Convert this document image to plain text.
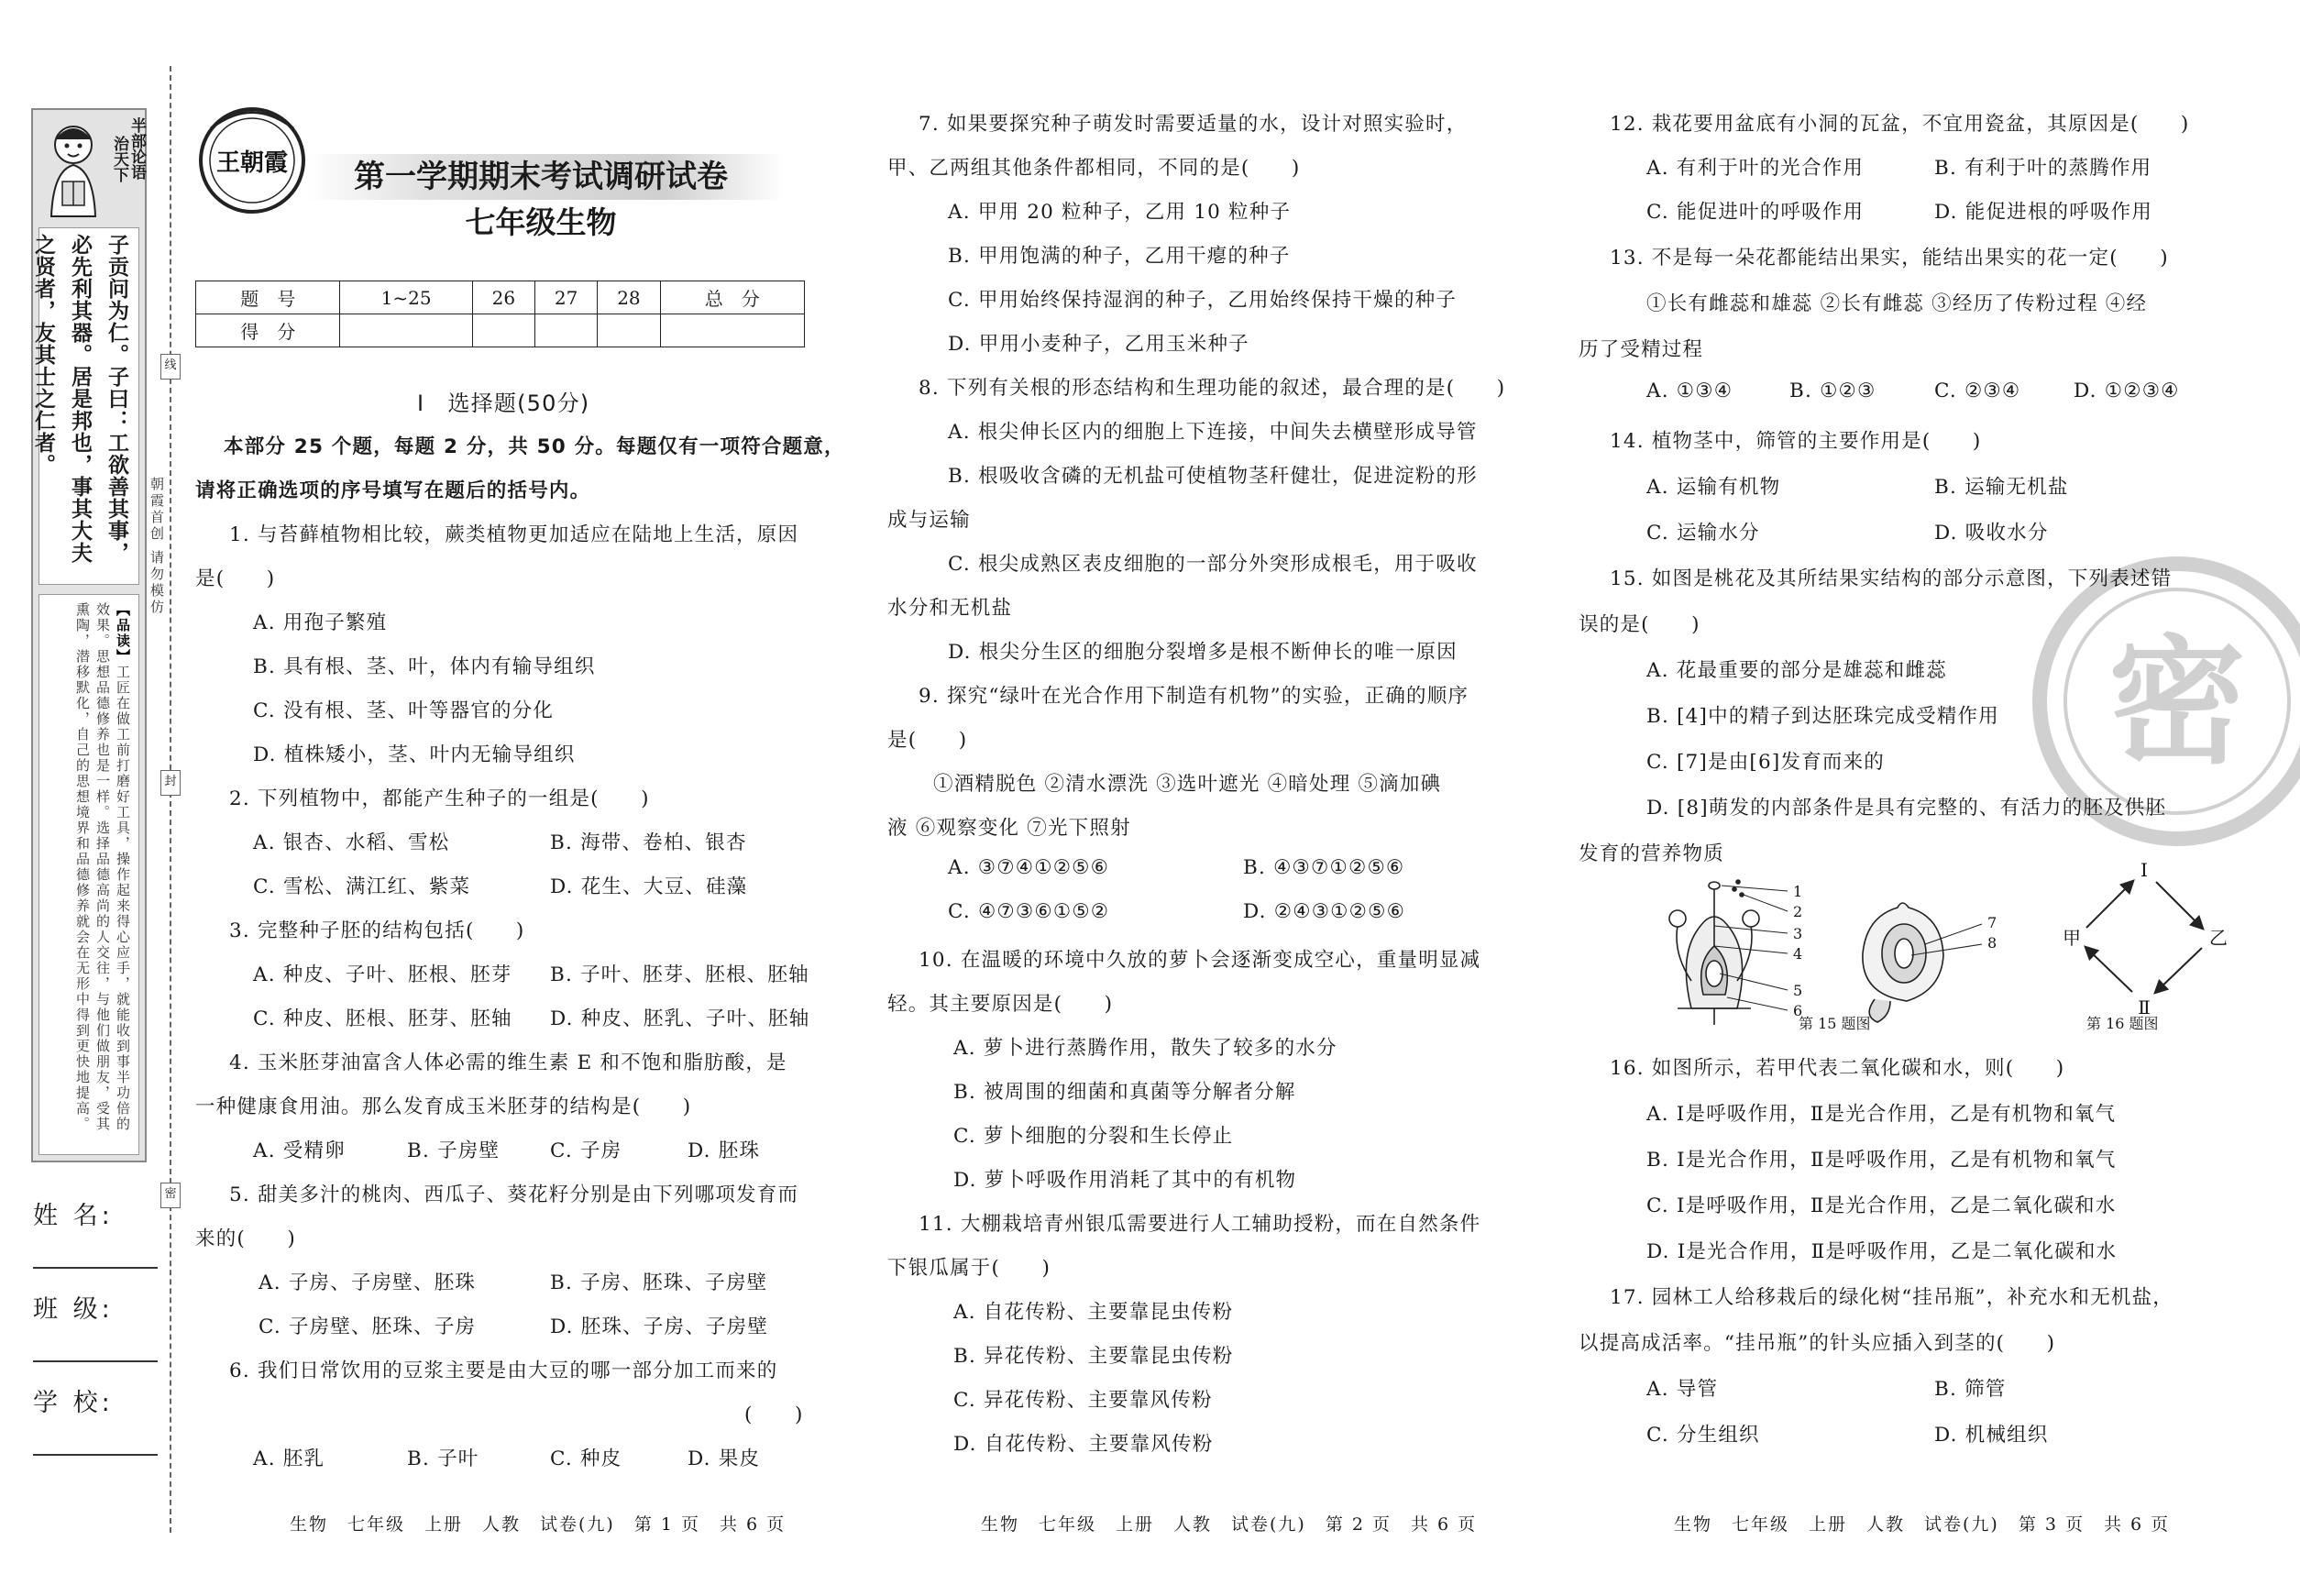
半部论语
治天下
子贡问为仁。子曰：工欲善其事，必先利其器。居是邦也，事其大夫之贤者，友其士之仁者。
【品读】工匠在做工前打磨好工具，操作起来得心应手，就能收到事半功倍的效果。思想品德修养也是一样。选择品德高尚的人交往，与他们做朋友，受其熏陶，潜移默化，自己的思想境界和品德修养就会在无形中得到更快地提高。
姓 名:
班 级:
学 校:
线
封
密
朝霞首创 请勿模仿
王朝霞	第一学期期末考试调研试卷
七年级生物
题　号	1~25	26	27	28	总　分
得　分					
Ⅰ　选择题(50分)
本部分 25 个题，每题 2 分，共 50 分。每题仅有一项符合题意，
请将正确选项的序号填写在题后的括号内。
1. 与苔藓植物相比较，蕨类植物更加适应在陆地上生活，原因
是(　　)
A. 用孢子繁殖
B. 具有根、茎、叶，体内有输导组织
C. 没有根、茎、叶等器官的分化
D. 植株矮小，茎、叶内无输导组织
2. 下列植物中，都能产生种子的一组是(　　)
A. 银杏、水稻、雪松	B. 海带、卷柏、银杏
C. 雪松、满江红、紫菜	D. 花生、大豆、硅藻
3. 完整种子胚的结构包括(　　)
A. 种皮、子叶、胚根、胚芽 B. 子叶、胚芽、胚根、胚轴
C. 种皮、胚根、胚芽、胚轴 D. 种皮、胚乳、子叶、胚轴
4. 玉米胚芽油富含人体必需的维生素 E 和不饱和脂肪酸，是
一种健康食用油。那么发育成玉米胚芽的结构是(　　)
A. 受精卵	B. 子房壁	C. 子房	D. 胚珠
5. 甜美多汁的桃肉、西瓜子、葵花籽分别是由下列哪项发育而
来的(　　)
A. 子房、子房壁、胚珠	B. 子房、胚珠、子房壁
C. 子房壁、胚珠、子房	D. 胚珠、子房、子房壁
6. 我们日常饮用的豆浆主要是由大豆的哪一部分加工而来的
(　　)
A. 胚乳	B. 子叶	C. 种皮	D. 果皮
7. 如果要探究种子萌发时需要适量的水，设计对照实验时，
甲、乙两组其他条件都相同，不同的是(　　)
A. 甲用 20 粒种子，乙用 10 粒种子
B. 甲用饱满的种子，乙用干瘪的种子
C. 甲用始终保持湿润的种子，乙用始终保持干燥的种子
D. 甲用小麦种子，乙用玉米种子
8. 下列有关根的形态结构和生理功能的叙述，最合理的是(　　)
A. 根尖伸长区内的细胞上下连接，中间失去横壁形成导管
B. 根吸收含磷的无机盐可使植物茎秆健壮，促进淀粉的形
成与运输
C. 根尖成熟区表皮细胞的一部分外突形成根毛，用于吸收
水分和无机盐
D. 根尖分生区的细胞分裂增多是根不断伸长的唯一原因
9. 探究“绿叶在光合作用下制造有机物”的实验，正确的顺序
是(　　)
①酒精脱色 ②清水漂洗 ③选叶遮光 ④暗处理 ⑤滴加碘
液 ⑥观察变化 ⑦光下照射
A. ③⑦④①②⑤⑥	B. ④③⑦①②⑤⑥
C. ④⑦③⑥①⑤②	D. ②④③①②⑤⑥
10. 在温暖的环境中久放的萝卜会逐渐变成空心，重量明显减
轻。其主要原因是(　　)
A. 萝卜进行蒸腾作用，散失了较多的水分
B. 被周围的细菌和真菌等分解者分解
C. 萝卜细胞的分裂和生长停止
D. 萝卜呼吸作用消耗了其中的有机物
11. 大棚栽培青州银瓜需要进行人工辅助授粉，而在自然条件
下银瓜属于(　　)
A. 自花传粉、主要靠昆虫传粉
B. 异花传粉、主要靠昆虫传粉
C. 异花传粉、主要靠风传粉
D. 自花传粉、主要靠风传粉
12. 栽花要用盆底有小洞的瓦盆，不宜用瓷盆，其原因是(　　)
A. 有利于叶的光合作用	B. 有利于叶的蒸腾作用
C. 能促进叶的呼吸作用	D. 能促进根的呼吸作用
13. 不是每一朵花都能结出果实，能结出果实的花一定(　　)
①长有雌蕊和雄蕊 ②长有雌蕊 ③经历了传粉过程 ④经
历了受精过程
A. ①③④	B. ①②③	C. ②③④	D. ①②③④
14. 植物茎中，筛管的主要作用是(　　)
A. 运输有机物	B. 运输无机盐
C. 运输水分	D. 吸收水分
15. 如图是桃花及其所结果实结构的部分示意图，下列表述错
误的是(　　)
A. 花最重要的部分是雄蕊和雌蕊
B. [4]中的精子到达胚珠完成受精作用
C. [7]是由[6]发育而来的
D. [8]萌发的内部条件是具有完整的、有活力的胚及供胚
发育的营养物质
16. 如图所示，若甲代表二氧化碳和水，则(　　)
A. Ⅰ是呼吸作用，Ⅱ是光合作用，乙是有机物和氧气
B. Ⅰ是光合作用，Ⅱ是呼吸作用，乙是有机物和氧气
C. Ⅰ是呼吸作用，Ⅱ是光合作用，乙是二氧化碳和水
D. Ⅰ是光合作用，Ⅱ是呼吸作用，乙是二氧化碳和水
17. 园林工人给移栽后的绿化树“挂吊瓶”，补充水和无机盐，
以提高成活率。“挂吊瓶”的针头应插入到茎的(　　)
A. 导管	B. 筛管
C. 分生组织	D. 机械组织
1
2
3
4
5
6
7
8
第 15 题图
Ⅰ
Ⅱ
甲	乙
第 16 题图
密
生物　七年级　上册　人教　试卷(九)　第 1 页　共 6 页	生物　七年级　上册　人教　试卷(九)　第 2 页　共 6 页	生物　七年级　上册　人教　试卷(九)　第 3 页　共 6 页
